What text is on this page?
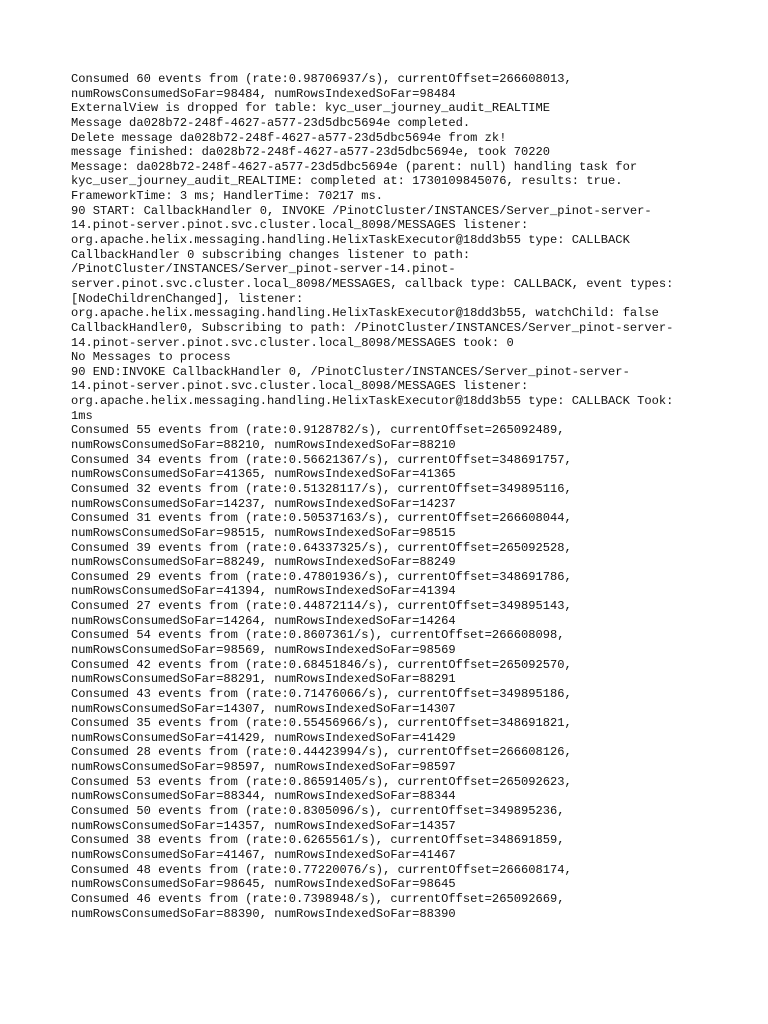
Consumed 60 events from (rate:0.98706937/s), currentOffset=266608013,
numRowsConsumedSoFar=98484, numRowsIndexedSoFar=98484
ExternalView is dropped for table: kyc_user_journey_audit_REALTIME
Message da028b72-248f-4627-a577-23d5dbc5694e completed.
Delete message da028b72-248f-4627-a577-23d5dbc5694e from zk!
message finished: da028b72-248f-4627-a577-23d5dbc5694e, took 70220
Message: da028b72-248f-4627-a577-23d5dbc5694e (parent: null) handling task for
kyc_user_journey_audit_REALTIME: completed at: 1730109845076, results: true.
FrameworkTime: 3 ms; HandlerTime: 70217 ms.
90 START: CallbackHandler 0, INVOKE /PinotCluster/INSTANCES/Server_pinot-server-
14.pinot-server.pinot.svc.cluster.local_8098/MESSAGES listener:
org.apache.helix.messaging.handling.HelixTaskExecutor@18dd3b55 type: CALLBACK
CallbackHandler 0 subscribing changes listener to path:
/PinotCluster/INSTANCES/Server_pinot-server-14.pinot-
server.pinot.svc.cluster.local_8098/MESSAGES, callback type: CALLBACK, event types:
[NodeChildrenChanged], listener:
org.apache.helix.messaging.handling.HelixTaskExecutor@18dd3b55, watchChild: false
CallbackHandler0, Subscribing to path: /PinotCluster/INSTANCES/Server_pinot-server-
14.pinot-server.pinot.svc.cluster.local_8098/MESSAGES took: 0
No Messages to process
90 END:INVOKE CallbackHandler 0, /PinotCluster/INSTANCES/Server_pinot-server-
14.pinot-server.pinot.svc.cluster.local_8098/MESSAGES listener:
org.apache.helix.messaging.handling.HelixTaskExecutor@18dd3b55 type: CALLBACK Took:
1ms
Consumed 55 events from (rate:0.9128782/s), currentOffset=265092489,
numRowsConsumedSoFar=88210, numRowsIndexedSoFar=88210
Consumed 34 events from (rate:0.56621367/s), currentOffset=348691757,
numRowsConsumedSoFar=41365, numRowsIndexedSoFar=41365
Consumed 32 events from (rate:0.51328117/s), currentOffset=349895116,
numRowsConsumedSoFar=14237, numRowsIndexedSoFar=14237
Consumed 31 events from (rate:0.50537163/s), currentOffset=266608044,
numRowsConsumedSoFar=98515, numRowsIndexedSoFar=98515
Consumed 39 events from (rate:0.64337325/s), currentOffset=265092528,
numRowsConsumedSoFar=88249, numRowsIndexedSoFar=88249
Consumed 29 events from (rate:0.47801936/s), currentOffset=348691786,
numRowsConsumedSoFar=41394, numRowsIndexedSoFar=41394
Consumed 27 events from (rate:0.44872114/s), currentOffset=349895143,
numRowsConsumedSoFar=14264, numRowsIndexedSoFar=14264
Consumed 54 events from (rate:0.8607361/s), currentOffset=266608098,
numRowsConsumedSoFar=98569, numRowsIndexedSoFar=98569
Consumed 42 events from (rate:0.68451846/s), currentOffset=265092570,
numRowsConsumedSoFar=88291, numRowsIndexedSoFar=88291
Consumed 43 events from (rate:0.71476066/s), currentOffset=349895186,
numRowsConsumedSoFar=14307, numRowsIndexedSoFar=14307
Consumed 35 events from (rate:0.55456966/s), currentOffset=348691821,
numRowsConsumedSoFar=41429, numRowsIndexedSoFar=41429
Consumed 28 events from (rate:0.44423994/s), currentOffset=266608126,
numRowsConsumedSoFar=98597, numRowsIndexedSoFar=98597
Consumed 53 events from (rate:0.86591405/s), currentOffset=265092623,
numRowsConsumedSoFar=88344, numRowsIndexedSoFar=88344
Consumed 50 events from (rate:0.8305096/s), currentOffset=349895236,
numRowsConsumedSoFar=14357, numRowsIndexedSoFar=14357
Consumed 38 events from (rate:0.6265561/s), currentOffset=348691859,
numRowsConsumedSoFar=41467, numRowsIndexedSoFar=41467
Consumed 48 events from (rate:0.77220076/s), currentOffset=266608174,
numRowsConsumedSoFar=98645, numRowsIndexedSoFar=98645
Consumed 46 events from (rate:0.7398948/s), currentOffset=265092669,
numRowsConsumedSoFar=88390, numRowsIndexedSoFar=88390
